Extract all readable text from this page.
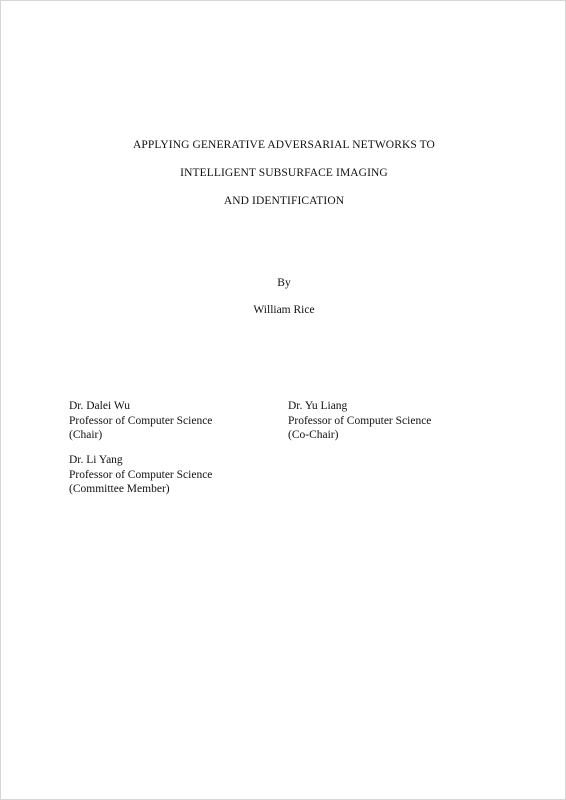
APPLYING GENERATIVE ADVERSARIAL NETWORKS TO
INTELLIGENT SUBSURFACE IMAGING
AND IDENTIFICATION
By
William Rice
Dr. Dalei Wu
Professor of Computer Science
(Chair)
Dr. Yu Liang
Professor of Computer Science
(Co-Chair)
Dr. Li Yang
Professor of Computer Science
(Committee Member)
